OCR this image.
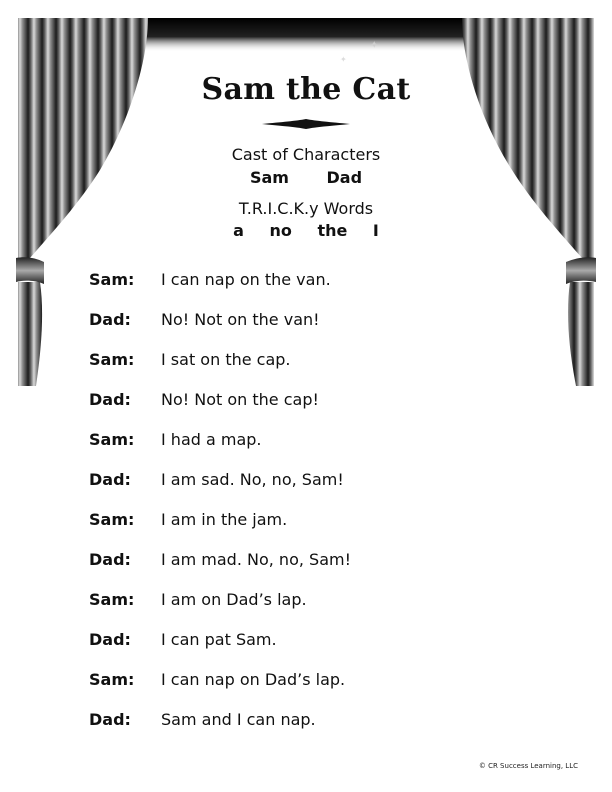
✦
✦
Sam the Cat
Cast of Characters
Sam Dad
T.R.I.C.K.y Words
a no the I
Sam: I can nap on the van.
Dad: No! Not on the van!
Sam: I sat on the cap.
Dad: No! Not on the cap!
Sam: I had a map.
Dad: I am sad. No, no, Sam!
Sam: I am in the jam.
Dad: I am mad. No, no, Sam!
Sam: I am on Dad’s lap.
Dad: I can pat Sam.
Sam: I can nap on Dad’s lap.
Dad: Sam and I can nap.
© CR Success Learning, LLC
